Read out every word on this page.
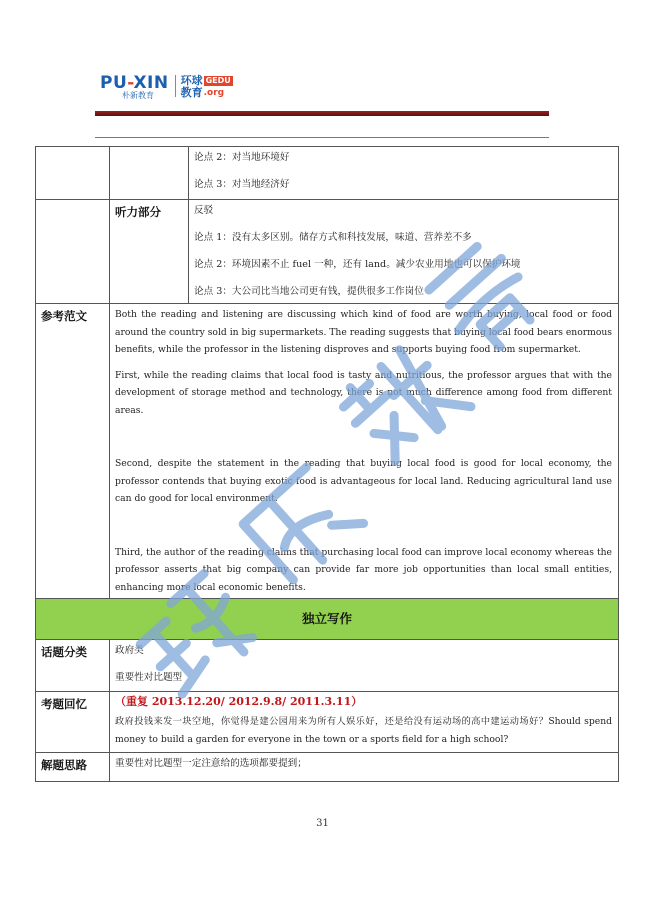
PU-XIN
朴新教育
环球 GEDU
教育 .org

		论点 2：对当地环境好
论点 3：对当地经济好

	听力部分	反驳
论点 1：没有太多区别。储存方式和科技发展，味道、营养差不多
论点 2：环境因素不止 fuel 一种，还有 land。减少农业用地也可以保护环境
论点 3：大公司比当地公司更有钱，提供很多工作岗位

参考范文	Both the reading and listening are discussing which kind of food are worth buying, local food or food around the country sold in big supermarkets. The reading suggests that buying local food bears enormous benefits, while the professor in the listening disproves and supports buying food from supermarket.
First, while the reading claims that local food is tasty and nutritious, the professor argues that with the development of storage method and technology, there is not much difference among food from different areas.
Second, despite the statement in the reading that buying local food is good for local economy, the professor contends that buying exotic food is advantageous for local land. Reducing agricultural land use can do good for local environment.
Third, the author of the reading claims that purchasing local food can improve local economy whereas the professor asserts that big company can provide far more job opportunities than local small entities, enhancing more local economic benefits.	

独立写作		
话题分类	政府类
重要性对比题型	

考题回忆	（重复 2013.12.20/ 2012.9.8/ 2011.3.11）
政府投钱来发一块空地，你觉得是建公园用来为所有人娱乐好，还是给没有运动场的高中建运动场好？Should spend money to build a garden for everyone in the town or a sports field for a high school?	

解题思路	重要性对比题型一定注意给的选项都要提到；	
31
